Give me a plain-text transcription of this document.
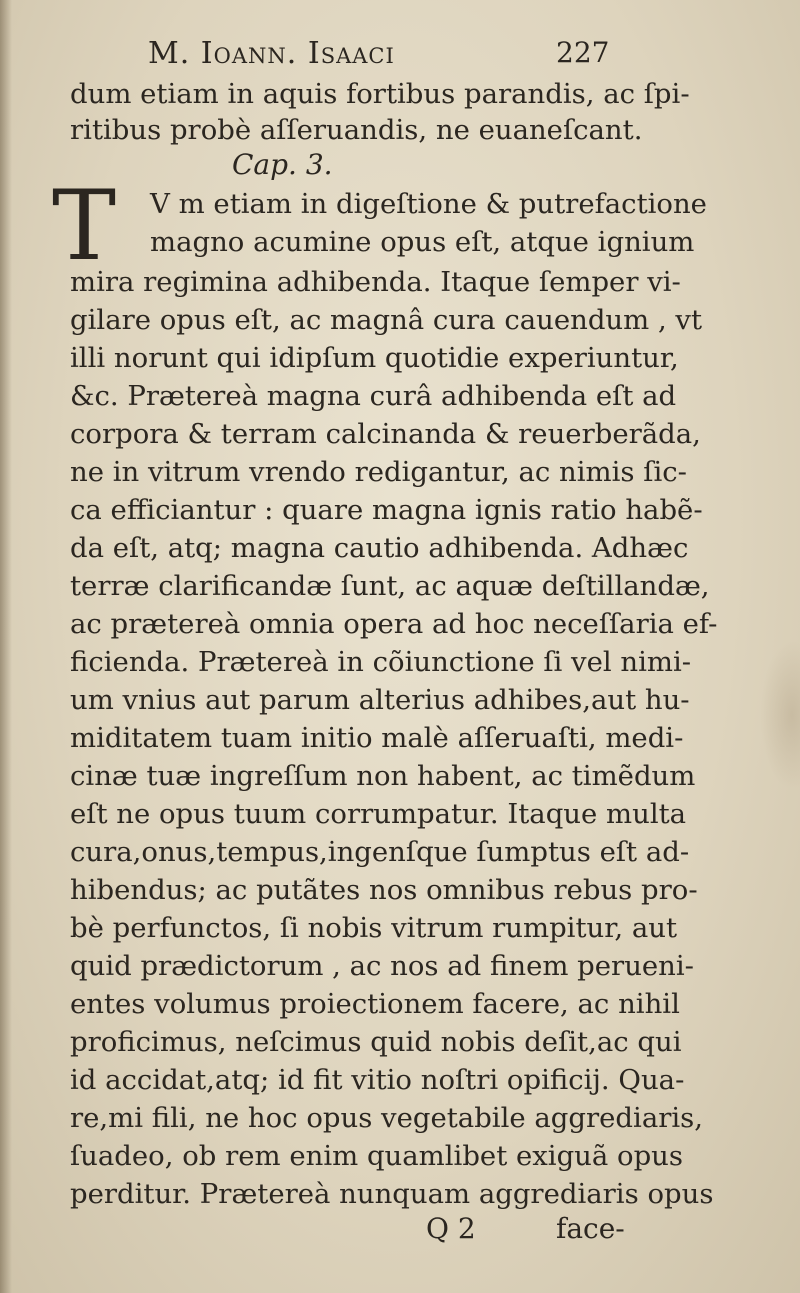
M. Ioann. Isaaci	227
Cap. 3.
T
dum etiam in aquis fortibus parandis, ac ſpi-
ritibus probè aſſeruandis, ne euaneſcant.
V m etiam in digeſtione & putrefactione
magno acumine opus eſt, atque ignium
mira regimina adhibenda. Itaque ſemper vi-
gilare opus eſt, ac magnâ cura cauendum , vt
illi norunt qui idipſum quotidie experiuntur,
&c. Prætereà magna curâ adhibenda eſt ad
corpora & terram calcinanda & reuerberãda,
ne in vitrum vrendo redigantur, ac nimis ſic-
ca efficiantur : quare magna ignis ratio habẽ-
da eſt, atq; magna cautio adhibenda. Adhæc
terræ clarificandæ ſunt, ac aquæ deſtillandæ,
ac prætereà omnia opera ad hoc neceſſaria ef-
ficienda. Prætereà in cõiunctione ſi vel nimi-
um vnius aut parum alterius adhibes,aut hu-
miditatem tuam initio malè aſſeruaſti, medi-
cinæ tuæ ingreſſum non habent, ac timẽdum
eſt ne opus tuum corrumpatur. Itaque multa
cura,onus,tempus,ingenſque ſumptus eſt ad-
hibendus; ac putãtes nos omnibus rebus pro-
bè perfunctos, ſi nobis vitrum rumpitur, aut
quid prædictorum , ac nos ad finem perueni-
entes volumus proiectionem facere, ac nihil
proficimus, neſcimus quid nobis deſit,ac qui
id accidat,atq; id fit vitio noſtri opificij. Qua-
re,mi fili, ne hoc opus vegetabile aggrediaris,
ſuadeo, ob rem enim quamlibet exiguã opus
perditur. Prætereà nunquam aggrediaris opus
Q 2	face-
